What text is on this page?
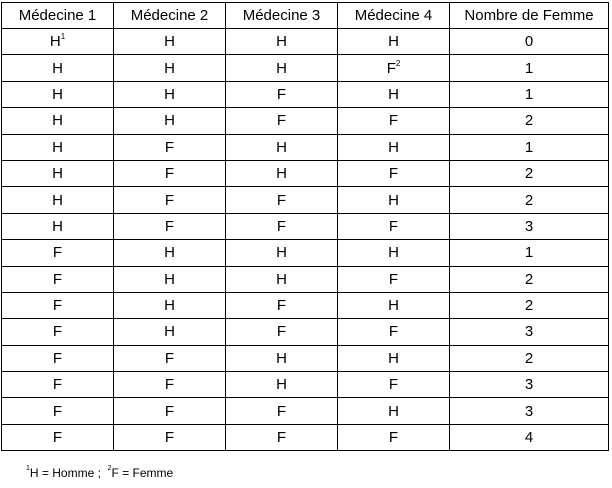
Médecine 1	Médecine 2	Médecine 3	Médecine 4	Nombre de Femme
H$^1$	H	H	H	0
H	H	H	F$^2$	1
H	H	F	H	1
H	H	F	F	2
H	F	H	H	1
H	F	H	F	2
H	F	F	H	2
H	F	F	F	3
F	H	H	H	1
F	H	H	F	2
F	H	F	H	2
F	H	F	F	3
F	F	H	H	2
F	F	H	F	3
F	F	F	H	3
F	F	F	F	4
$^1$H = Homme ;  $^2$F = Femme
